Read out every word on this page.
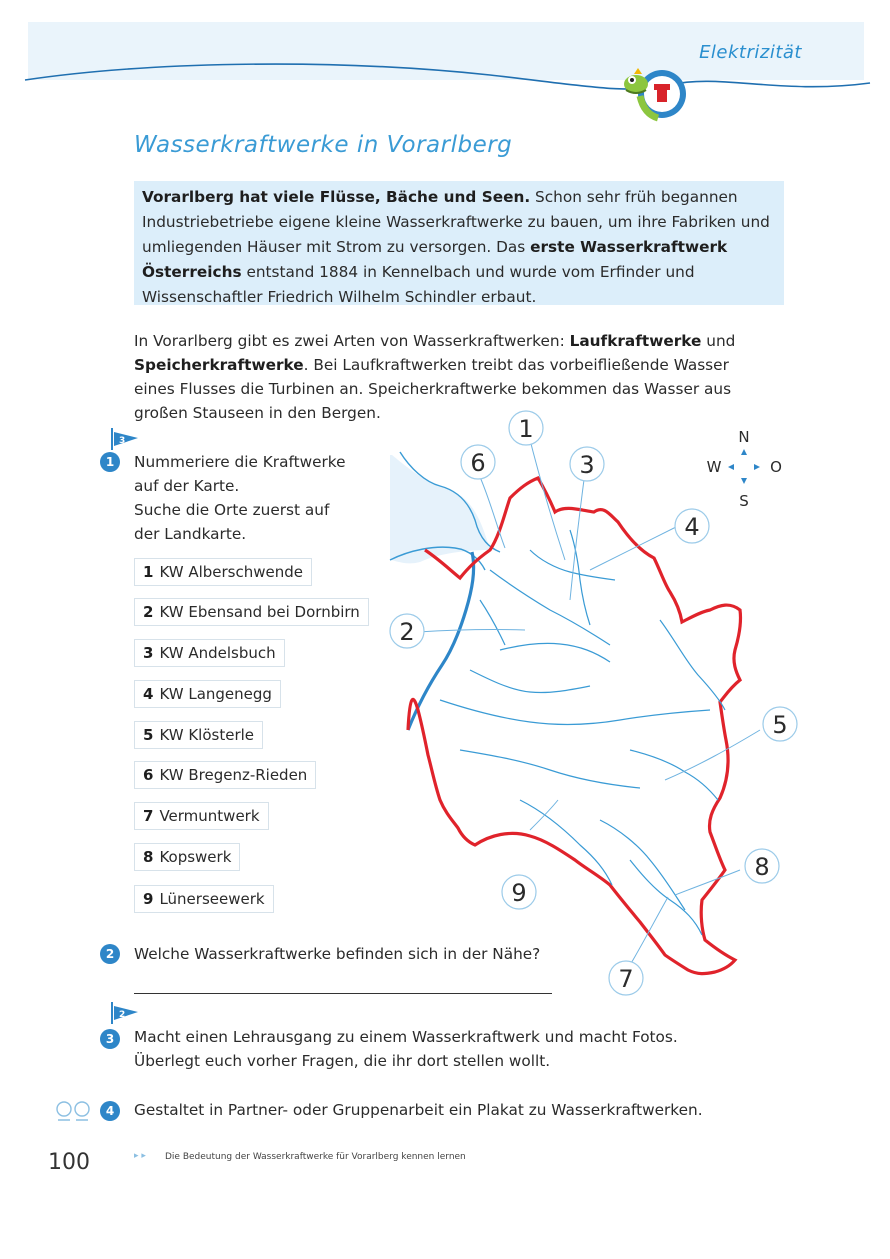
Elektrizität
Wasserkraftwerke in Vorarlberg
Vorarlberg hat viele Flüsse, Bäche und Seen. Schon sehr früh begannen Industriebetriebe eigene kleine Wasserkraftwerke zu bauen, um ihre Fabriken und umliegenden Häuser mit Strom zu versorgen. Das erste Wasserkraftwerk Österreichs entstand 1884 in Kennelbach und wurde vom Erfinder und Wissenschaftler Friedrich Wilhelm Schindler erbaut.
In Vorarlberg gibt es zwei Arten von Wasserkraftwerken: Laufkraftwerke und Speicherkraftwerke. Bei Laufkraftwerken treibt das vorbeifließende Wasser eines Flusses die Turbinen an. Speicherkraftwerke bekommen das Wasser aus großen Stauseen in den Bergen.
3
1	Nummeriere die Kraftwerke
auf der Karte.
Suche die Orte zuerst auf
der Landkarte.
1 KW Alberschwende
2 KW Ebensand bei Dornbirn
3 KW Andelsbuch
4 KW Langenegg
5 KW Klösterle
6 KW Bregenz-Rieden
7 Vermuntwerk
8 Kopswerk
9 Lünerseewerk
1
6	3
4
2
5
8
9
7
N
S
W	O
2	Welche Wasserkraftwerke befinden sich in der Nähe?
2
3	Macht einen Lehrausgang zu einem Wasserkraftwerk und macht Fotos.
Überlegt euch vorher Fragen, die ihr dort stellen wollt.
4	Gestaltet in Partner- oder Gruppenarbeit ein Plakat zu Wasserkraftwerken.
100	▸ ▸ Die Bedeutung der Wasserkraftwerke für Vorarlberg kennen lernen
